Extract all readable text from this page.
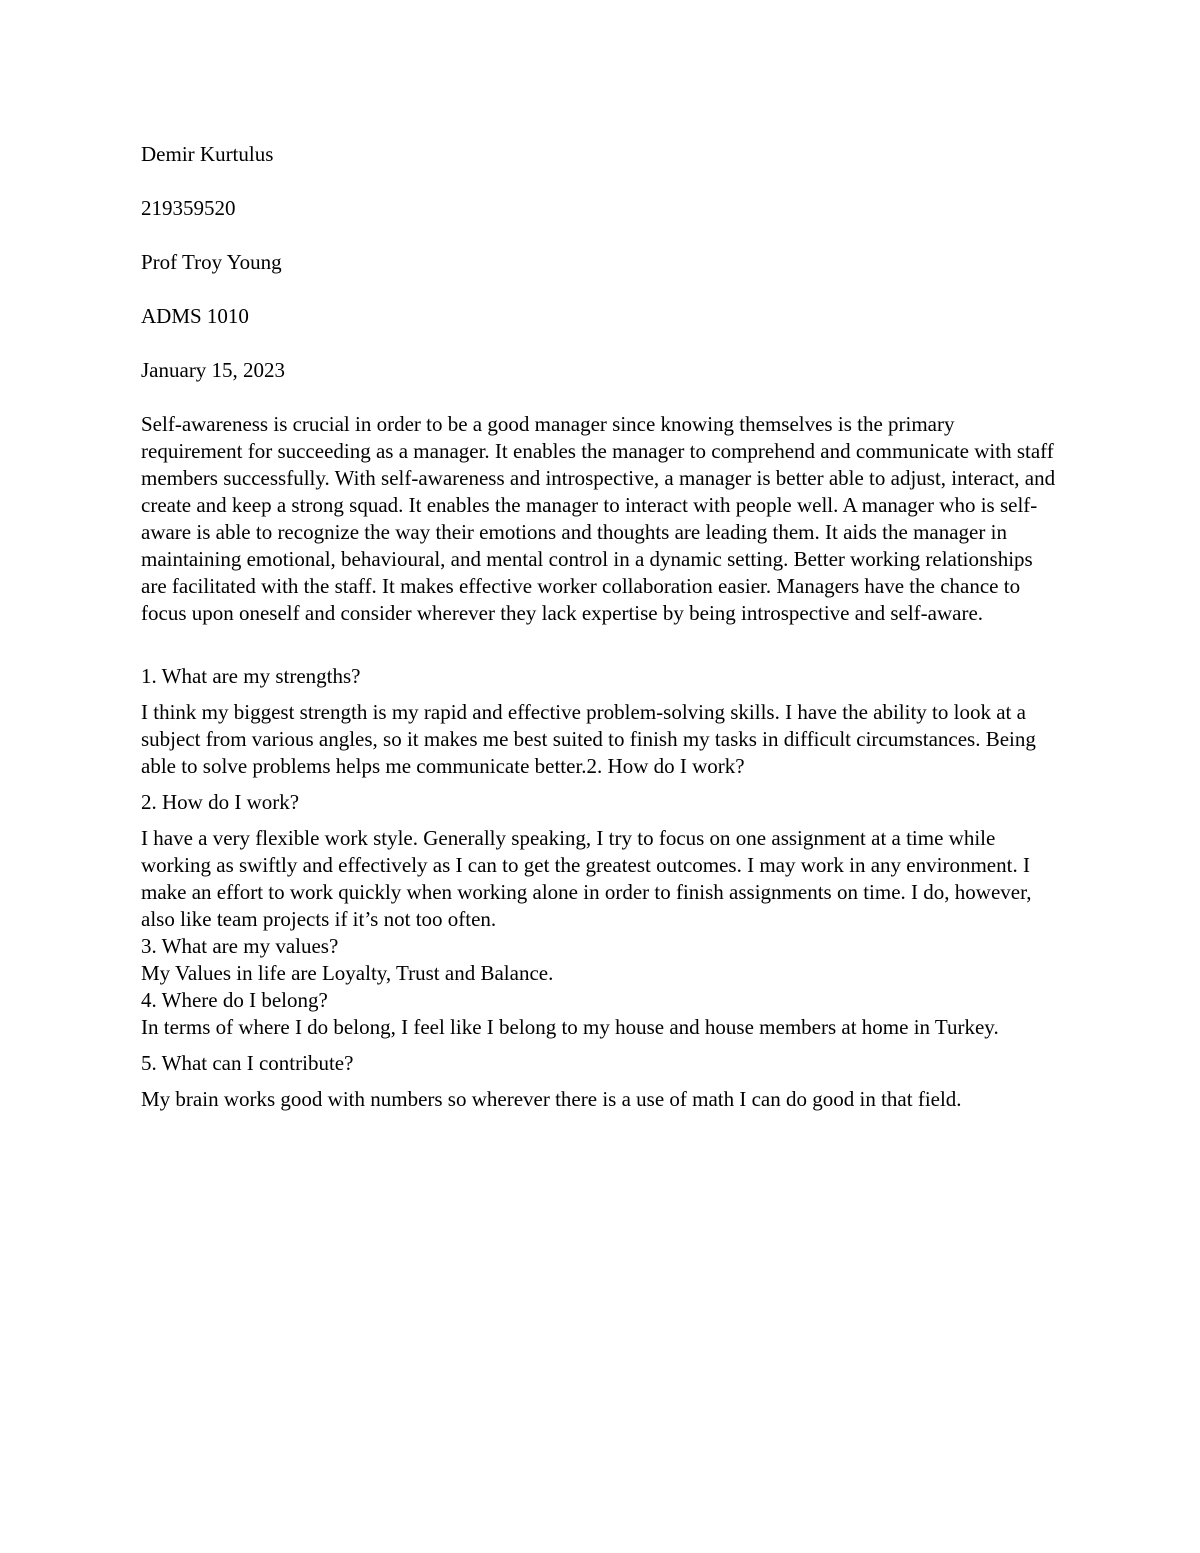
Demir Kurtulus

219359520

Prof Troy Young

ADMS 1010

January 15, 2023

Self-awareness is crucial in order to be a good manager since knowing themselves is the primary requirement for succeeding as a manager. It enables the manager to comprehend and communicate with staff members successfully. With self-awareness and introspective, a manager is better able to adjust, interact, and create and keep a strong squad. It enables the manager to interact with people well. A manager who is self-aware is able to recognize the way their emotions and thoughts are leading them. It aids the manager in maintaining emotional, behavioural, and mental control in a dynamic setting. Better working relationships are facilitated with the staff. It makes effective worker collaboration easier. Managers have the chance to focus upon oneself and consider wherever they lack expertise by being introspective and self-aware.

1. What are my strengths?

I think my biggest strength is my rapid and effective problem-solving skills. I have the ability to look at a subject from various angles, so it makes me best suited to finish my tasks in difficult circumstances. Being able to solve problems helps me communicate better.2. How do I work?

2. How do I work?

I have a very flexible work style. Generally speaking, I try to focus on one assignment at a time while working as swiftly and effectively as I can to get the greatest outcomes. I may work in any environment. I make an effort to work quickly when working alone in order to finish assignments on time. I do, however, also like team projects if it’s not too often.

3. What are my values?

My Values in life are Loyalty, Trust and Balance.

4. Where do I belong?

In terms of where I do belong, I feel like I belong to my house and house members at home in Turkey.

5. What can I contribute?

My brain works good with numbers so wherever there is a use of math I can do good in that field.
